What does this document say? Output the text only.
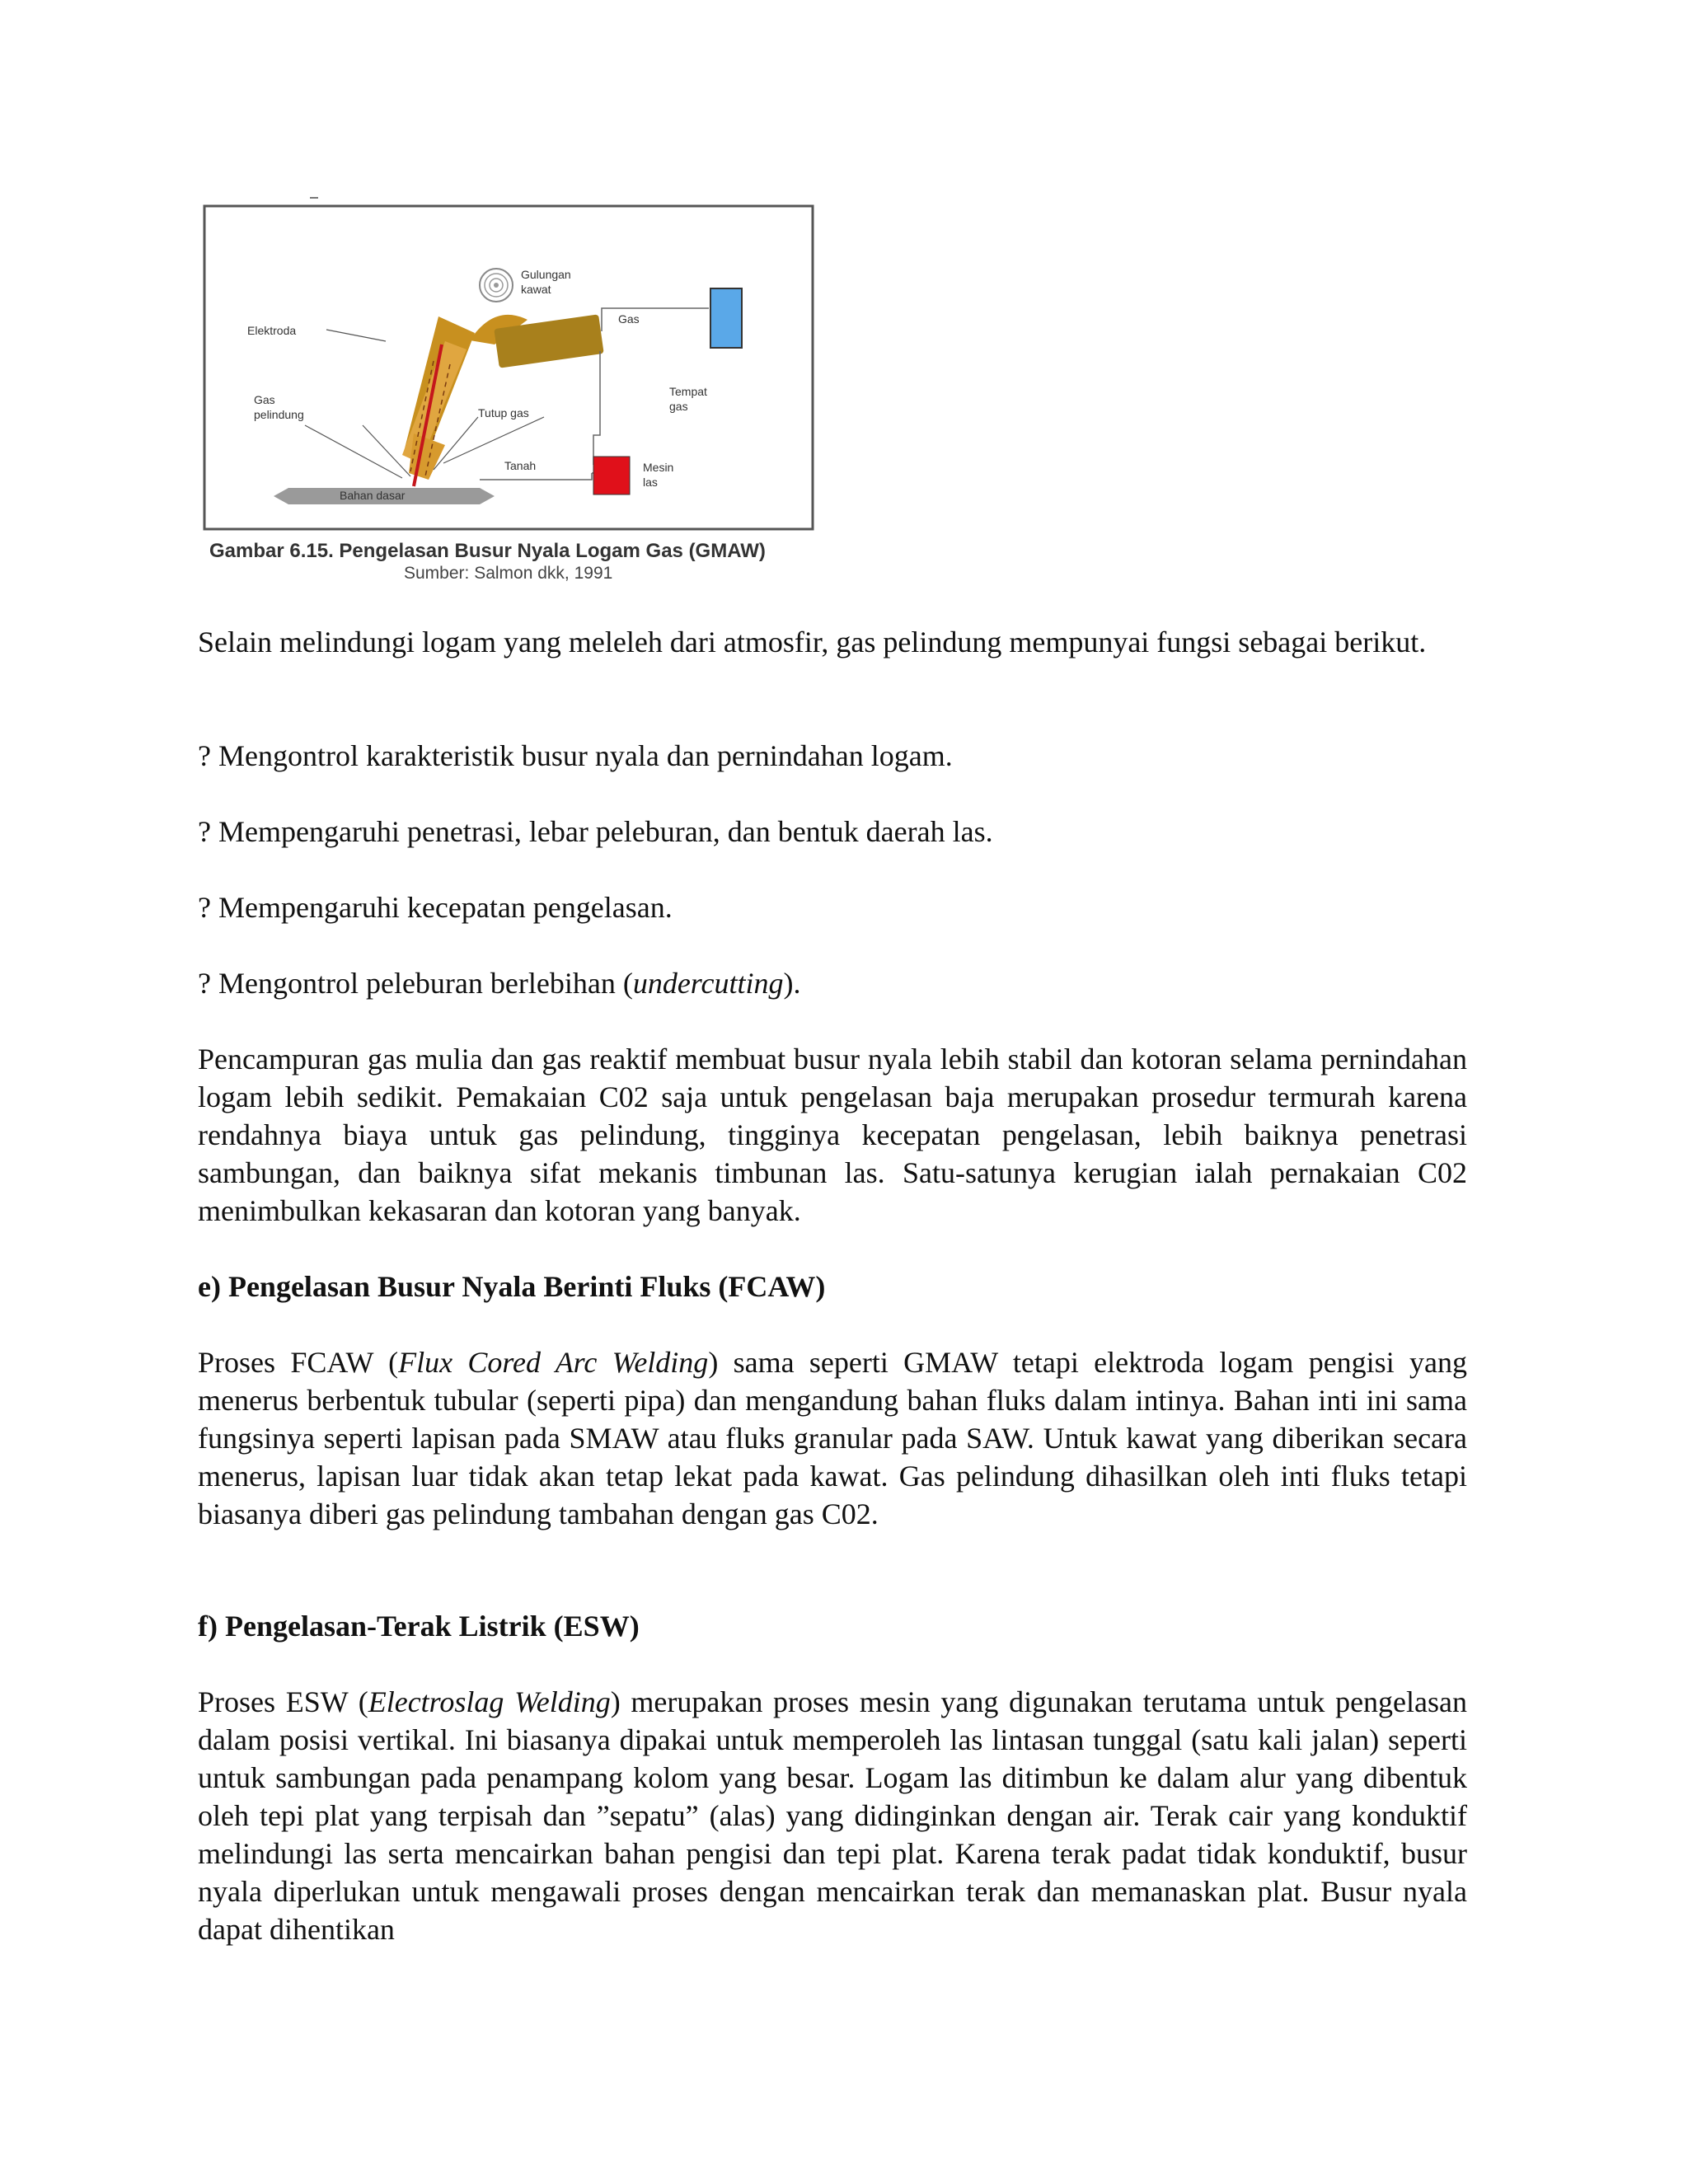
Bahan dasar
Gulungan
kawat
Elektroda
Gas
Gas
pelindung	Tutup gas
Tempat
gas
Tanah	Mesin
las
Gambar 6.15. Pengelasan Busur Nyala Logam Gas (GMAW)
Sumber: Salmon dkk, 1991

Selain melindungi logam yang meleleh dari atmosfir, gas pelindung mempunyai fungsi sebagai berikut.

? Mengontrol karakteristik busur nyala dan pernindahan logam.

? Mempengaruhi penetrasi, lebar peleburan, dan bentuk daerah las.

? Mempengaruhi kecepatan pengelasan.

? Mengontrol peleburan berlebihan (undercutting).

Pencampuran gas mulia dan gas reaktif membuat busur nyala lebih stabil dan kotoran selama pernindahan logam lebih sedikit. Pemakaian C02 saja untuk pengelasan baja merupakan prosedur termurah karena rendahnya biaya untuk gas pelindung, tingginya kecepatan pengelasan, lebih baiknya penetrasi sambungan, dan baiknya sifat mekanis timbunan las. Satu-satunya kerugian ialah pernakaian C02 menimbulkan kekasaran dan kotoran yang banyak.

e) Pengelasan Busur Nyala Berinti Fluks (FCAW)

Proses FCAW (Flux Cored Arc Welding) sama seperti GMAW tetapi elektroda logam pengisi yang menerus berbentuk tubular (seperti pipa) dan mengandung bahan fluks dalam intinya. Bahan inti ini sama fungsinya seperti lapisan pada SMAW atau fluks granular pada SAW. Untuk kawat yang diberikan secara menerus, lapisan luar tidak akan tetap lekat pada kawat. Gas pelindung dihasilkan oleh inti fluks tetapi biasanya diberi gas pelindung tambahan dengan gas C02.

f) Pengelasan-Terak Listrik (ESW)

Proses ESW (Electroslag Welding) merupakan proses mesin yang digunakan terutama untuk pengelasan dalam posisi vertikal. Ini biasanya dipakai untuk memperoleh las lintasan tunggal (satu kali jalan) seperti untuk sambungan pada penampang kolom yang besar. Logam las ditimbun ke dalam alur yang dibentuk oleh tepi plat yang terpisah dan ”sepatu” (alas) yang didinginkan dengan air. Terak cair yang konduktif melindungi las serta mencairkan bahan pengisi dan tepi plat. Karena terak padat tidak konduktif, busur nyala diperlukan untuk mengawali proses dengan mencairkan terak dan memanaskan plat. Busur nyala dapat dihentikan
